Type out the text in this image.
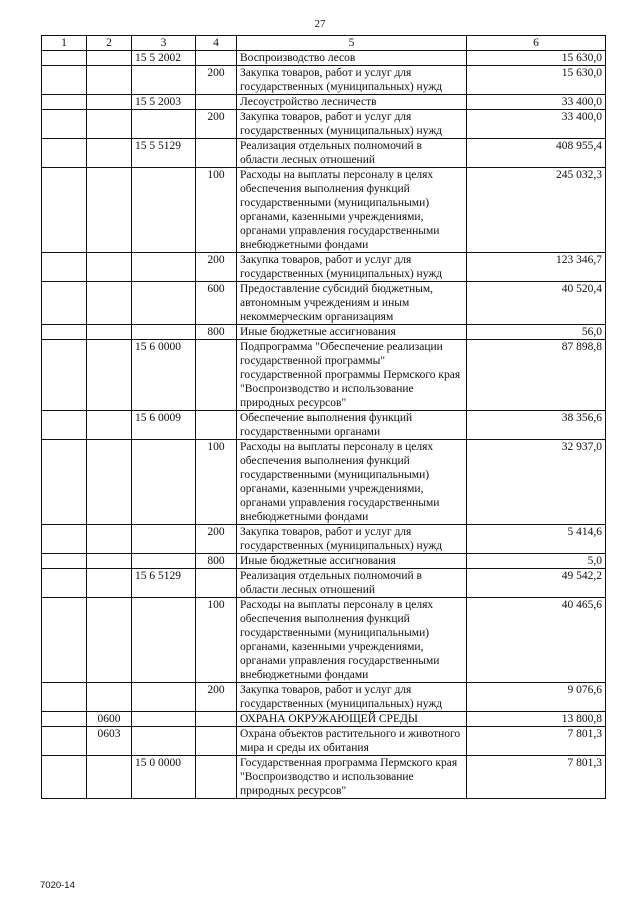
27
1	2	3	4	5	6
		15 5 2002		Воспроизводство лесов	15 630,0
			200	Закупка товаров, работ и услуг для государственных (муниципальных) нужд	15 630,0
		15 5 2003		Лесоустройство лесничеств	33 400,0
			200	Закупка товаров, работ и услуг для государственных (муниципальных) нужд	33 400,0
		15 5 5129		Реализация отдельных полномочий в области лесных отношений	408 955,4
			100	Расходы на выплаты персоналу в целях обеспечения выполнения функций государственными (муниципальными) органами, казенными учреждениями, органами управления государственными внебюджетными фондами	245 032,3
			200	Закупка товаров, работ и услуг для государственных (муниципальных) нужд	123 346,7
			600	Предоставление субсидий бюджетным, автономным учреждениям и иным некоммерческим организациям	40 520,4
			800	Иные бюджетные ассигнования	56,0
		15 6 0000		Подпрограмма "Обеспечение реализации государственной программы" государственной программы Пермского края "Воспроизводство и использование природных ресурсов"	87 898,8
		15 6 0009		Обеспечение выполнения функций государственными органами	38 356,6
			100	Расходы на выплаты персоналу в целях обеспечения выполнения функций государственными (муниципальными) органами, казенными учреждениями, органами управления государственными внебюджетными фондами	32 937,0
			200	Закупка товаров, работ и услуг для государственных (муниципальных) нужд	5 414,6
			800	Иные бюджетные ассигнования	5,0
		15 6 5129		Реализация отдельных полномочий в области лесных отношений	49 542,2
			100	Расходы на выплаты персоналу в целях обеспечения выполнения функций государственными (муниципальными) органами, казенными учреждениями, органами управления государственными внебюджетными фондами	40 465,6
			200	Закупка товаров, работ и услуг для государственных (муниципальных) нужд	9 076,6
	0600			ОХРАНА ОКРУЖАЮЩЕЙ СРЕДЫ	13 800,8
	0603			Охрана объектов растительного и животного мира и среды их обитания	7 801,3
		15 0 0000		Государственная программа Пермского края "Воспроизводство и использование природных ресурсов"	7 801,3
7020-14
